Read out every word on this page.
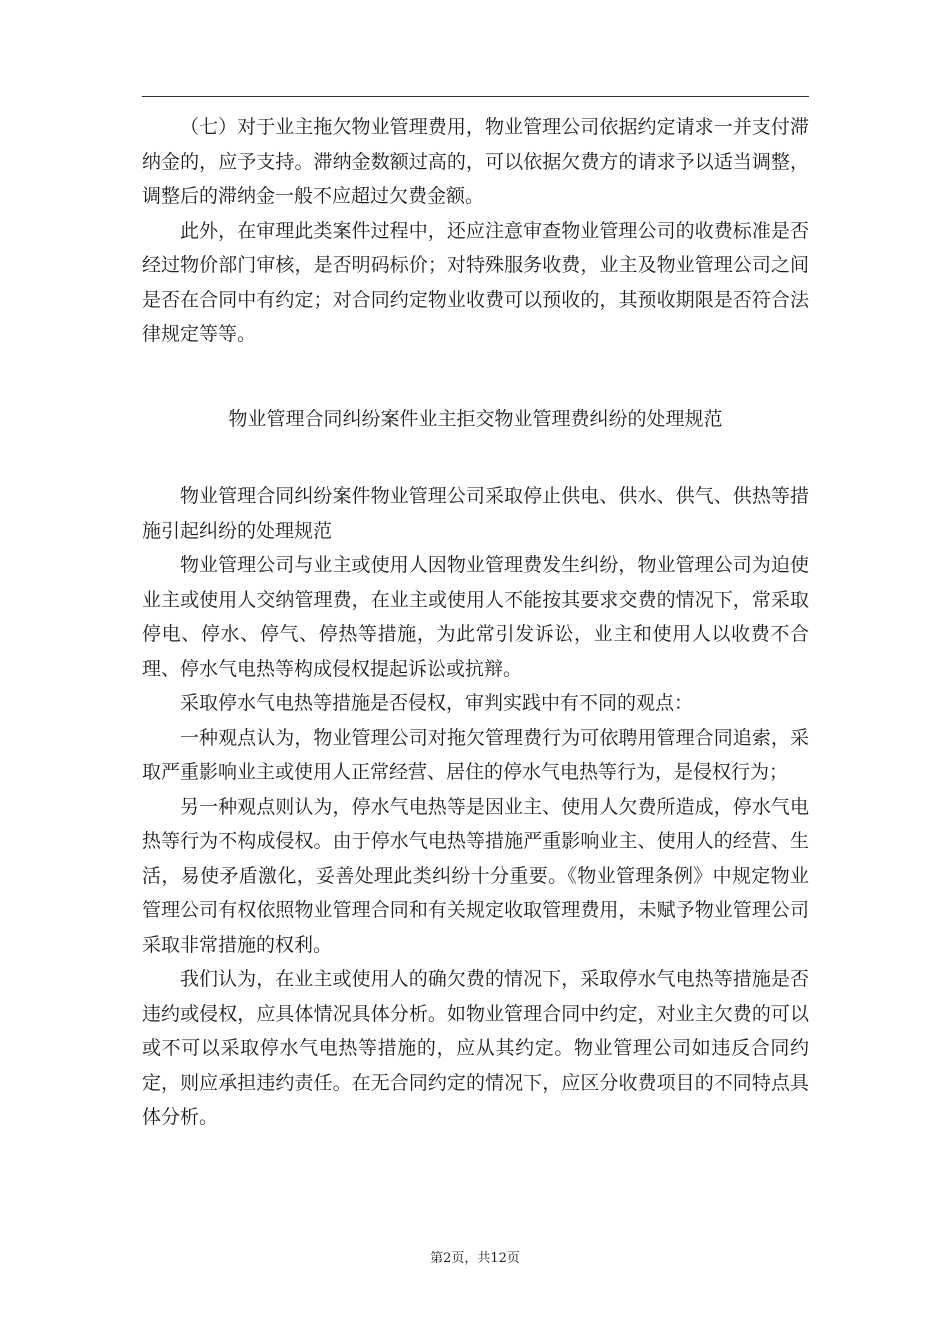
（七）对于业主拖欠物业管理费用，物业管理公司依据约定请求一并支付滞纳金的，应予支持。滞纳金数额过高的，可以依据欠费方的请求予以适当调整，调整后的滞纳金一般不应超过欠费金额。

此外，在审理此类案件过程中，还应注意审查物业管理公司的收费标准是否经过物价部门审核，是否明码标价；对特殊服务收费，业主及物业管理公司之间是否在合同中有约定；对合同约定物业收费可以预收的，其预收期限是否符合法律规定等等。

物业管理合同纠纷案件业主拒交物业管理费纠纷的处理规范

物业管理合同纠纷案件物业管理公司采取停止供电、供水、供气、供热等措施引起纠纷的处理规范

物业管理公司与业主或使用人因物业管理费发生纠纷，物业管理公司为迫使业主或使用人交纳管理费，在业主或使用人不能按其要求交费的情况下，常采取停电、停水、停气、停热等措施，为此常引发诉讼，业主和使用人以收费不合理、停水气电热等构成侵权提起诉讼或抗辩。

采取停水气电热等措施是否侵权，审判实践中有不同的观点：

一种观点认为，物业管理公司对拖欠管理费行为可依聘用管理合同追索，采取严重影响业主或使用人正常经营、居住的停水气电热等行为，是侵权行为；

另一种观点则认为，停水气电热等是因业主、使用人欠费所造成，停水气电热等行为不构成侵权。由于停水气电热等措施严重影响业主、使用人的经营、生活，易使矛盾激化，妥善处理此类纠纷十分重要。《物业管理条例》中规定物业管理公司有权依照物业管理合同和有关规定收取管理费用，未赋予物业管理公司采取非常措施的权利。

我们认为，在业主或使用人的确欠费的情况下，采取停水气电热等措施是否违约或侵权，应具体情况具体分析。如物业管理合同中约定，对业主欠费的可以或不可以采取停水气电热等措施的，应从其约定。物业管理公司如违反合同约定，则应承担违约责任。在无合同约定的情况下，应区分收费项目的不同特点具体分析。

第2页，共12页
